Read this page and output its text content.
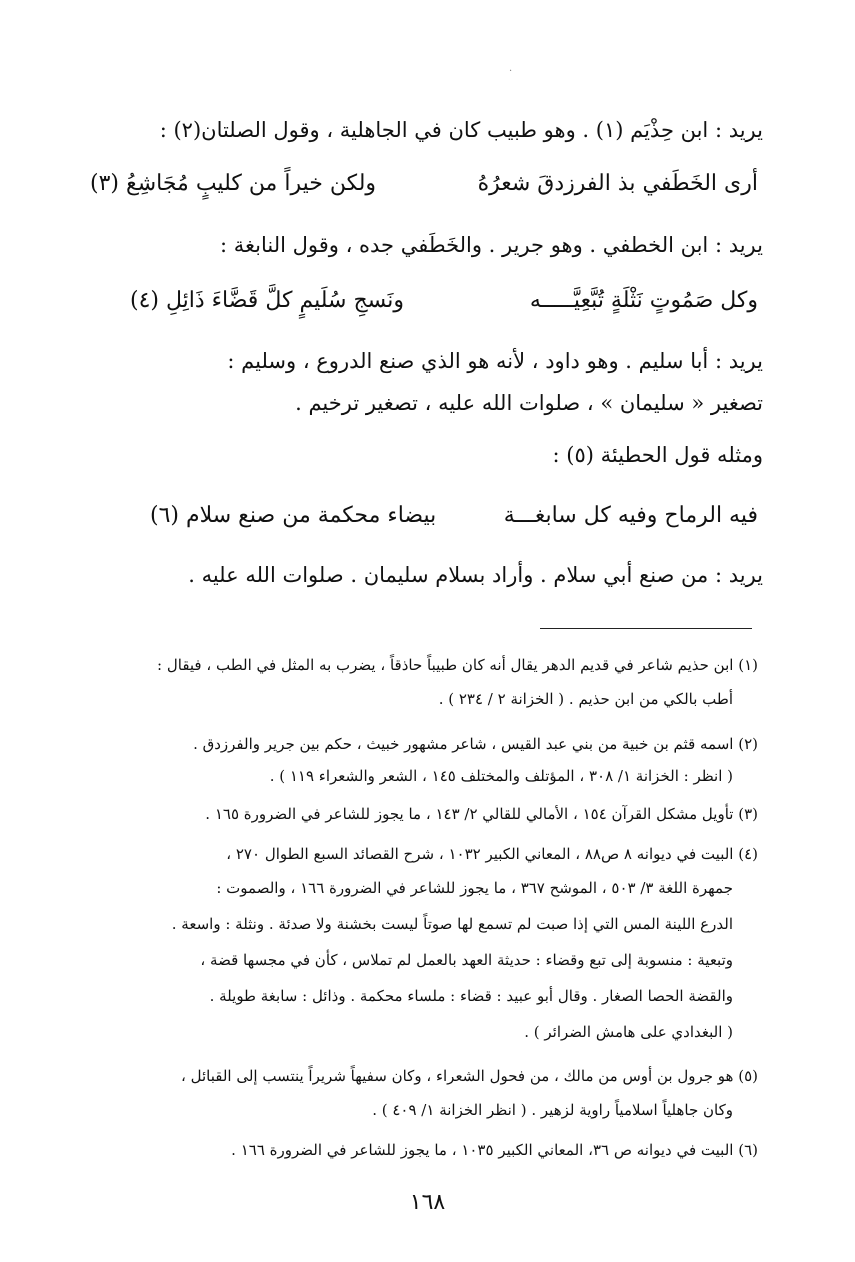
·
يريد : ابن حِذْيَم (١) . وهو طبيب كان في الجاهلية ، وقول الصلتان(٢) :
أرى الخَطَفي بذ الفرزدقَ شعرُهُ
ولكن خيراً من كليبٍ مُجَاشِعُ (٣)
يريد : ابن الخطفي . وهو جرير . والخَطَفي جده ، وقول النابغة :
وكل صَمُوتٍ نَثْلَةٍ تُبَّعِيَّـــــه
ونَسجِ سُلَيمٍ كلَّ قَضَّاءَ ذَائِلِ (٤)
يريد : أبا سليم . وهو داود ، لأنه هو الذي صنع الدروع ، وسليم :
تصغير « سليمان » ، صلوات الله عليه ، تصغير ترخيم .
ومثله قول الحطيئة (٥) :
فيه الرماح وفيه كل سابغـــة
بيضاء محكمة من صنع سلام (٦)
يريد : من صنع أبي سلام . وأراد بسلام سليمان . صلوات الله عليه .
(١) ابن حذيم شاعر في قديم الدهر يقال أنه كان طبيباً حاذقاً ، يضرب به المثل في الطب ، فيقال :
أطب بالكي من ابن حذيم . ( الخزانة ٢ / ٢٣٤ ) .
(٢) اسمه قثم بن خبية من بني عبد القيس ، شاعر مشهور خبيث ، حكم بين جرير والفرزدق .
( انظر : الخزانة ١/ ٣٠٨ ، المؤتلف والمختلف ١٤٥ ، الشعر والشعراء ١١٩ ) .
(٣) تأويل مشكل القرآن ١٥٤ ، الأمالي للقالي ٢/ ١٤٣ ، ما يجوز للشاعر في الضرورة ١٦٥ .
(٤) البيت في ديوانه ٨ ص٨٨ ، المعاني الكبير ١٠٣٢ ، شرح القصائد السبع الطوال ٢٧٠ ،
جمهرة اللغة ٣/ ٥٠٣ ، الموشح ٣٦٧ ، ما يجوز للشاعر في الضرورة ١٦٦ ، والصموت :
الدرع اللينة المس التي إذا صبت لم تسمع لها صوتاً ليست بخشنة ولا صدئة . ونثلة : واسعة .
وتبعية : منسوبة إلى تبع وقضاء : حديثة العهد بالعمل لم تملاس ، كأن في مجسها قضة ،
والقضة الحصا الصغار . وقال أبو عبيد : قضاء : ملساء محكمة . وذائل : سابغة طويلة .
( البغدادي على هامش الضرائر ) .
(٥) هو جرول بن أوس من مالك ، من فحول الشعراء ، وكان سفيهاً شريراً ينتسب إلى القبائل ،
وكان جاهلياً اسلامياً راوية لزهير . ( انظر الخزانة ١/ ٤٠٩ ) .
(٦) البيت في ديوانه ص ٣٦، المعاني الكبير ١٠٣٥ ، ما يجوز للشاعر في الضرورة ١٦٦ .
١٦٨
